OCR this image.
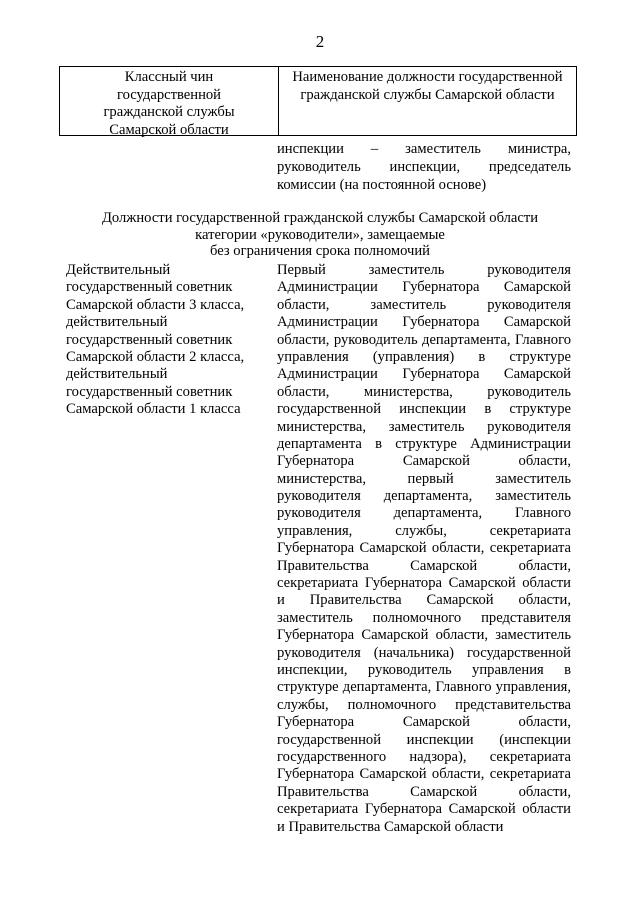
2
Классный чин
государственной
гражданской службы
Самарской области
Наименование должности государственной
гражданской службы Самарской области
инспекции – заместитель министра,
руководитель инспекции, председатель
комиссии (на постоянной основе)
Должности государственной гражданской службы Самарской области
категории «руководители», замещаемые
без ограничения срока полномочий
Действительный
государственный советник
Самарской области 3 класса,
действительный
государственный советник
Самарской области 2 класса,
действительный
государственный советник
Самарской области 1 класса
Первый заместитель руководителя
Администрации Губернатора Самарской
области, заместитель руководителя
Администрации Губернатора Самарской
области, руководитель департамента, Главного
управления (управления) в структуре
Администрации Губернатора Самарской
области, министерства, руководитель
государственной инспекции в структуре
министерства, заместитель руководителя
департамента в структуре Администрации
Губернатора Самарской области,
министерства, первый заместитель
руководителя департамента, заместитель
руководителя департамента, Главного
управления, службы, секретариата
Губернатора Самарской области, секретариата
Правительства Самарской области,
секретариата Губернатора Самарской области
и Правительства Самарской области,
заместитель полномочного представителя
Губернатора Самарской области, заместитель
руководителя (начальника) государственной
инспекции, руководитель управления в
структуре департамента, Главного управления,
службы, полномочного представительства
Губернатора Самарской области,
государственной инспекции (инспекции
государственного надзора), секретариата
Губернатора Самарской области, секретариата
Правительства Самарской области,
секретариата Губернатора Самарской области
и Правительства Самарской области
